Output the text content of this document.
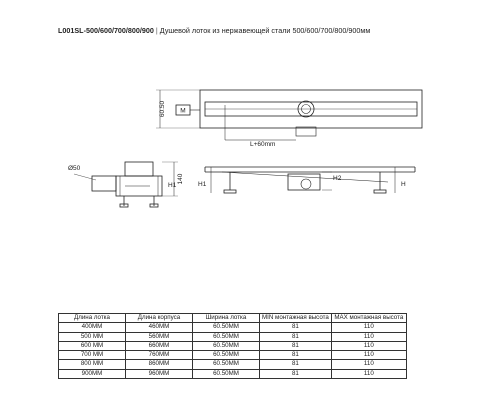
L001SL-500/600/700/800/900 | Душевой лоток из нержавеющей стали 500/600/700/800/900мм
M
60.50
L+60mm
Ø50
140
H1	H1
H2
H
Длина лотка	Длина корпуса	Ширина лотка	MIN монтажная высота	MAX монтажная высота
400MM	460MM	60.50MM	81	110
500 MM	560MM	60.50MM	81	110
600 MM	660MM	60.50MM	81	110
700 MM	760MM	60.50MM	81	110
800 MM	860MM	60.50MM	81	110
900MM	960MM	60.50MM	81	110
